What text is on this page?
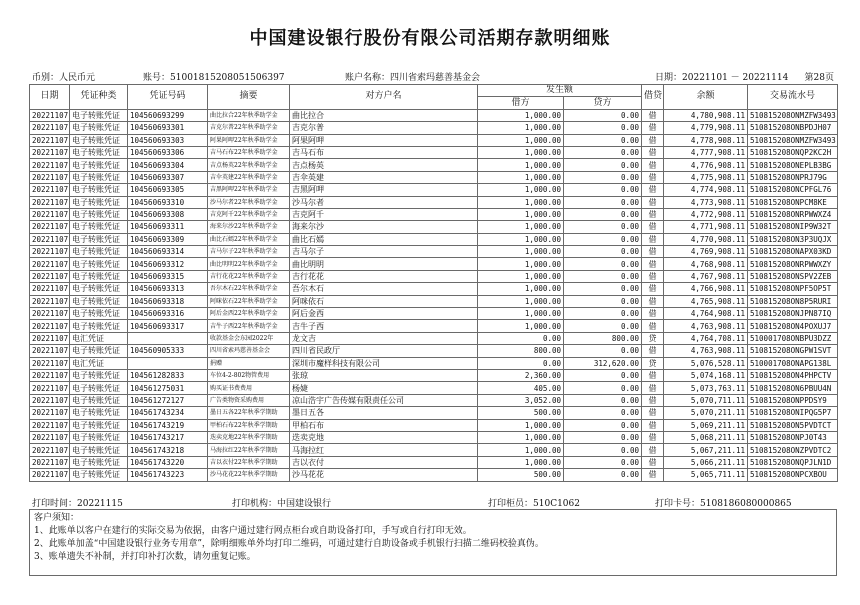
中国建设银行股份有限公司活期存款明细账
币别：人民币元	账号：51001815208051506397	账户名称：四川省索玛慈善基金会	日期：20221101 － 20221114 第28页
日期	凭证种类	凭证号码	摘要	对方户名	发生额		借贷	余额	交易流水号
					借方	贷方			
20221107	电子转账凭证	104560693299	曲比拉合22年秋季助学金	曲比拉合	1,000.00	0.00	借	4,780,908.11	510815208ONMZFW3493
20221107	电子转账凭证	104560693301	吉克尔普22年秋季助学金	吉克尔普	1,000.00	0.00	借	4,779,908.11	510815208ONBPDJH07
20221107	电子转账凭证	104560693303	阿果阿呷22年秋季助学金	阿果阿呷	1,000.00	0.00	借	4,778,908.11	510815208ONMZFW3493
20221107	电子转账凭证	104560693306	吉马石布22年秋季助学金	吉马石布	1,000.00	0.00	借	4,777,908.11	510815208ONQP2KC2H
20221107	电子转账凭证	104560693304	吉点杨英22年秋季助学金	吉点杨英	1,000.00	0.00	借	4,776,908.11	510815208ONEPLB3BG
20221107	电子转账凭证	104560693307	吉伞英建22年秋季助学金	吉伞英建	1,000.00	0.00	借	4,775,908.11	510815208ONPRJ79G
20221107	电子转账凭证	104560693305	吉黑阿呷22年秋季助学金	吉黑阿呷	1,000.00	0.00	借	4,774,908.11	510815208ONCPFGL76
20221107	电子转账凭证	104560693310	沙马尔者22年秋季助学金	沙马尔者	1,000.00	0.00	借	4,773,908.11	510815208ONPCM8KE
20221107	电子转账凭证	104560693308	吉克阿千22年秋季助学金	吉克阿千	1,000.00	0.00	借	4,772,908.11	510815208ONRPWWXZ4
20221107	电子转账凭证	104560693311	海来尔沙22年秋季助学金	海来尔沙	1,000.00	0.00	借	4,771,908.11	510815208ONIP9W32T
20221107	电子转账凭证	104560693309	曲比石嫣22年秋季助学金	曲比石嫣	1,000.00	0.00	借	4,770,908.11	510815208ON3P3UQJX
20221107	电子转账凭证	104560693314	吉马尔子22年秋季助学金	吉马尔子	1,000.00	0.00	借	4,769,908.11	510815208ONAPX03KD
20221107	电子转账凭证	104560693312	曲比明明22年秋季助学金	曲比明明	1,000.00	0.00	借	4,768,908.11	510815208ONRPWWXZY
20221107	电子转账凭证	104560693315	吉行花花22年秋季助学金	吉行花花	1,000.00	0.00	借	4,767,908.11	510815208ONSPV2ZEB
20221107	电子转账凭证	104560693313	吾尔木石22年秋季助学金	吾尔木石	1,000.00	0.00	借	4,766,908.11	510815208ONPF5OP5T
20221107	电子转账凭证	104560693318	阿咪依石22年秋季助学金	阿咪依石	1,000.00	0.00	借	4,765,908.11	510815208ON8P5RURI
20221107	电子转账凭证	104560693316	阿后金西22年秋季助学金	阿后金西	1,000.00	0.00	借	4,764,908.11	510815208ONJPN87IQ
20221107	电子转账凭证	104560693317	吉牛子西22年秋季助学金	吉牛子西	1,000.00	0.00	借	4,763,908.11	510815208ON4POXUJ7
20221107	电汇凭证		收款基金会东园2022年	龙文吉	0.00	800.00	贷	4,764,708.11	510001708ONBPU3DZZ
20221107	电子转账凭证	104560905333	四川省索玛慈善基金会	四川省民政厅	800.00	0.00	借	4,763,908.11	510815208ONGPW1SVT
20221107	电汇凭证		捐赠	深圳市魔样科技有限公司	0.00	312,620.00	贷	5,076,528.11	510001708ONAPG138L
20221107	电子转账凭证	104561282833	车位4-2-802物管费用	张琼	2,360.00	0.00	借	5,074,168.11	510815208ON4PHPCTV
20221107	电子转账凭证	104561275031	购买证书费费用	杨婕	405.00	0.00	借	5,073,763.11	510815208ON6PBUU4N
20221107	电子转账凭证	104561272127	广告类物资采购费用	凉山浩宇广告传媒有限责任公司	3,052.00	0.00	借	5,070,711.11	510815208ONPPDSY9
20221107	电子转账凭证	104561743234	墨日五各22年秋季学期助	墨日五各	500.00	0.00	借	5,070,211.11	510815208ONIPQG5P7
20221107	电子转账凭证	104561743219	甲柏石布22年秋季学期助	甲柏石布	1,000.00	0.00	借	5,069,211.11	510815208ON5PVDTCT
20221107	电子转账凭证	104561743217	迭卖克地22年秋季学期助	迭卖克地	1,000.00	0.00	借	5,068,211.11	510815208ONPJ0T43
20221107	电子转账凭证	104561743218	马海拉红22年秋季学期助	马海拉红	1,000.00	0.00	借	5,067,211.11	510815208ONZPVDTC2
20221107	电子转账凭证	104561743220	吉以衣付22年秋季学期助	吉以衣付	1,000.00	0.00	借	5,066,211.11	510815208ONQPJLN1D
20221107	电子转账凭证	104561743223	沙马花花22年秋季学期助	沙马花花	500.00	0.00	借	5,065,711.11	510815208ONPCXBOU
打印时间：20221115	打印机构：中国建设银行	打印柜员：510C1062	打印卡号：5108186080000865
客户须知：
1、此账单以客户在建行的实际交易为依据，由客户通过建行网点柜台或自助设备打印，手写或自行打印无效。
2、此账单加盖“中国建设银行业务专用章”，除明细账单外均打印二维码，可通过建行自助设备或手机银行扫描二维码校验真伪。
3、账单遗失不补制，并打印补打次数，请勿重复记账。
